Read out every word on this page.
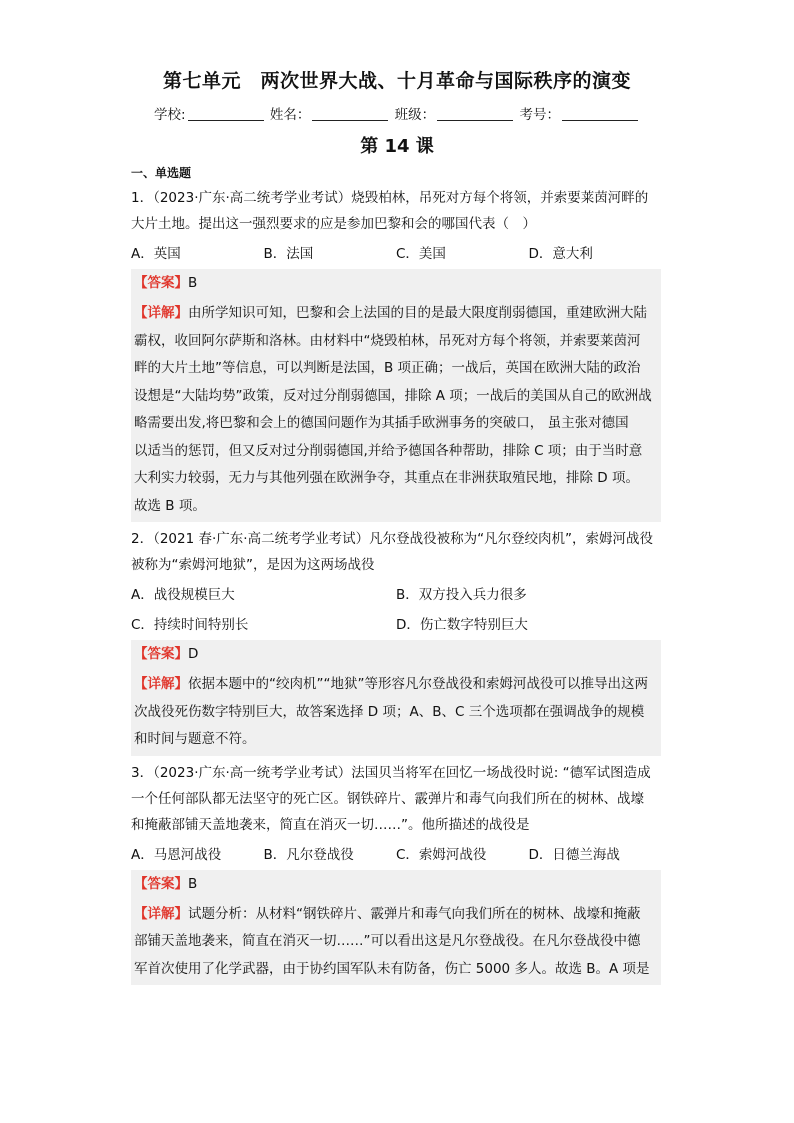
第七单元　两次世界大战、十月革命与国际秩序的演变
学校:	姓名：	班级：	考号：
第 14 课
一、单选题

1．（2023·广东·高二统考学业考试）烧毁柏林，吊死对方每个将领，并索要莱茵河畔的

大片土地。提出这一强烈要求的应是参加巴黎和会的哪国代表（　）

A．英国	B．法国	C．美国	D．意大利
【答案】B
【详解】由所学知识可知，巴黎和会上法国的目的是最大限度削弱德国，重建欧洲大陆
霸权，收回阿尔萨斯和洛林。由材料中“烧毁柏林，吊死对方每个将领，并索要莱茵河
畔的大片土地”等信息，可以判断是法国，B 项正确；一战后，英国在欧洲大陆的政治
设想是“大陆均势”政策，反对过分削弱德国，排除 A 项；一战后的美国从自己的欧洲战
略需要出发,将巴黎和会上的德国问题作为其插手欧洲事务的突破口， 虽主张对德国
以适当的惩罚，但又反对过分削弱德国,并给予德国各种帮助，排除 C 项；由于当时意
大利实力较弱，无力与其他列强在欧洲争夺，其重点在非洲获取殖民地，排除 D 项。
故选 B 项。

2．（2021 春·广东·高二统考学业考试）凡尔登战役被称为“凡尔登绞肉机”，索姆河战役

被称为“索姆河地狱”，是因为这两场战役

A．战役规模巨大	B．双方投入兵力很多
C．持续时间特别长	D．伤亡数字特别巨大
【答案】D
【详解】依据本题中的“绞肉机”“地狱”等形容凡尔登战役和索姆河战役可以推导出这两
次战役死伤数字特别巨大，故答案选择 D 项；A、B、C 三个选项都在强调战争的规模
和时间与题意不符。

3．（2023·广东·高一统考学业考试）法国贝当将军在回忆一场战役时说: “德军试图造成

一个任何部队都无法坚守的死亡区。钢铁碎片、霰弹片和毒气向我们所在的树林、战壕

和掩蔽部铺天盖地袭来，简直在消灭一切……”。他所描述的战役是

A．马恩河战役	B．凡尔登战役	C．索姆河战役	D．日德兰海战
【答案】B
【详解】试题分析：从材料“钢铁碎片、霰弹片和毒气向我们所在的树林、战壕和掩蔽
部铺天盖地袭来，简直在消灭一切……”可以看出这是凡尔登战役。在凡尔登战役中德
军首次使用了化学武器，由于协约国军队未有防备，伤亡 5000 多人。故选 B。A 项是
